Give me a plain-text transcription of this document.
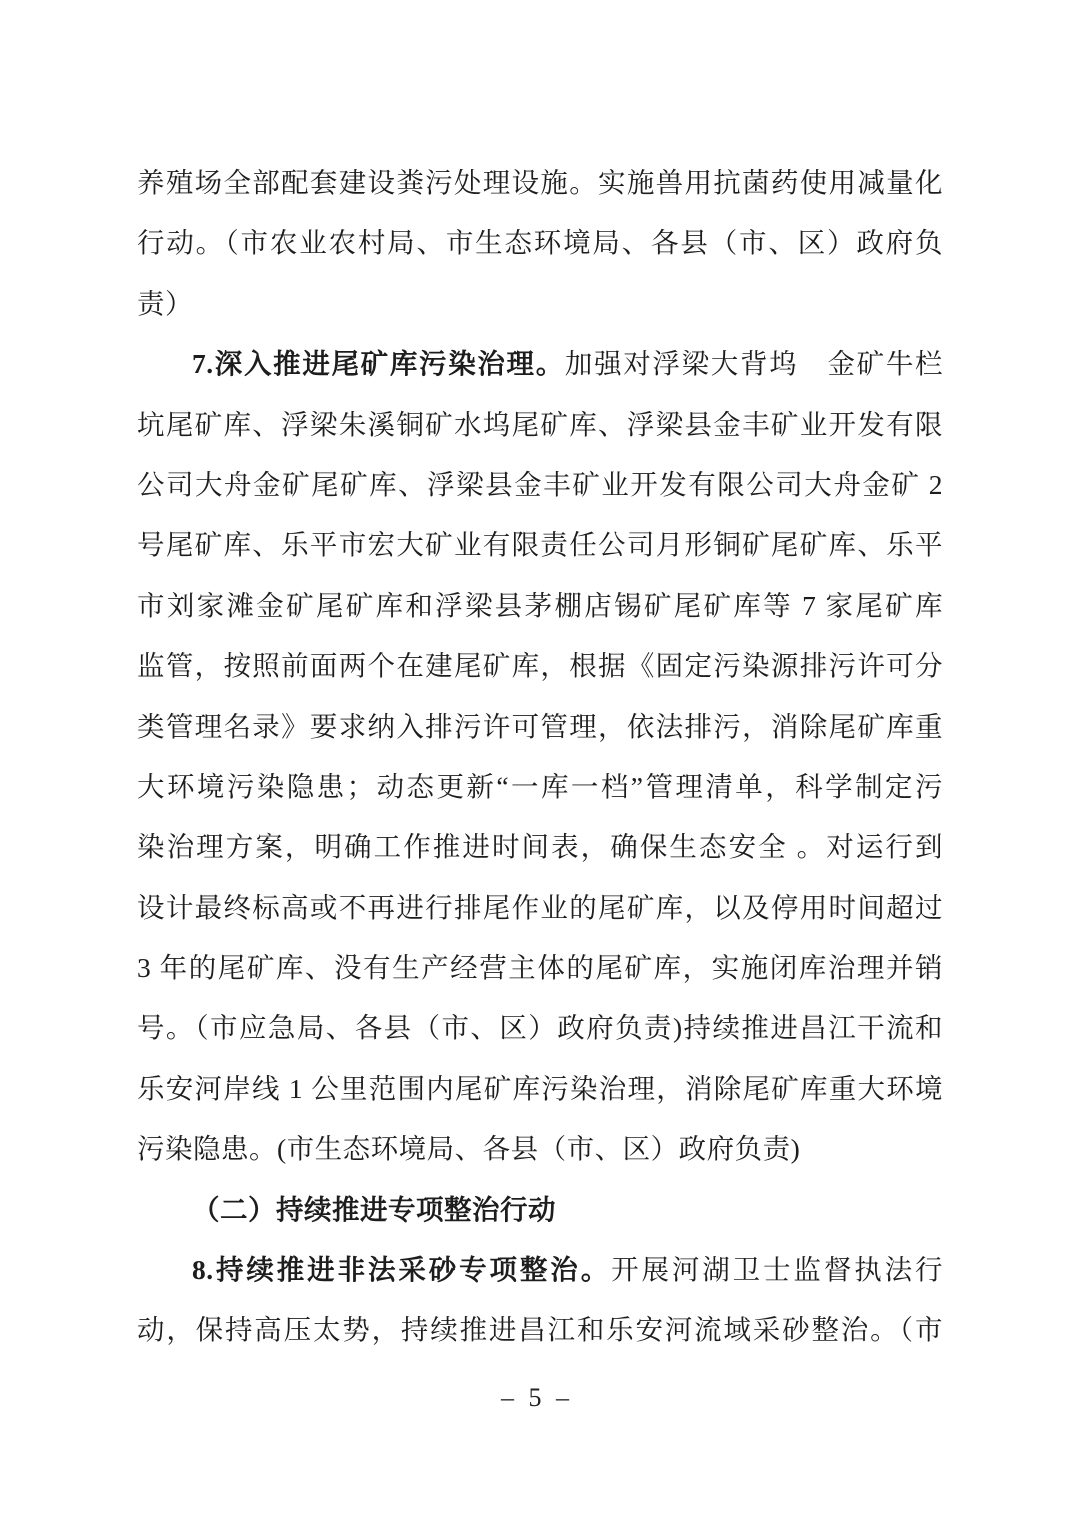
养殖场全部配套建设粪污处理设施。实施兽用抗菌药使用减量化
行动。（市农业农村局、市生态环境局、各县（市、区）政府负
责）
7.深入推进尾矿库污染治理。加强对浮梁大背坞　金矿牛栏
坑尾矿库、浮梁朱溪铜矿水坞尾矿库、浮梁县金丰矿业开发有限
公司大舟金矿尾矿库、浮梁县金丰矿业开发有限公司大舟金矿 2
号尾矿库、乐平市宏大矿业有限责任公司月形铜矿尾矿库、乐平
市刘家滩金矿尾矿库和浮梁县茅棚店锡矿尾矿库等 7 家尾矿库
监管，按照前面两个在建尾矿库，根据《固定污染源排污许可分
类管理名录》要求纳入排污许可管理，依法排污，消除尾矿库重
大环境污染隐患；动态更新“一库一档”管理清单，科学制定污
染治理方案，明确工作推进时间表，确保生态安全 。对运行到
设计最终标高或不再进行排尾作业的尾矿库，以及停用时间超过
3 年的尾矿库、没有生产经营主体的尾矿库，实施闭库治理并销
号。（市应急局、各县（市、区）政府负责)持续推进昌江干流和
乐安河岸线 1 公里范围内尾矿库污染治理，消除尾矿库重大环境
污染隐患。(市生态环境局、各县（市、区）政府负责)
（二）持续推进专项整治行动
8.持续推进非法采砂专项整治。开展河湖卫士监督执法行
动，保持高压太势，持续推进昌江和乐安河流域采砂整治。（市
– 5 –
